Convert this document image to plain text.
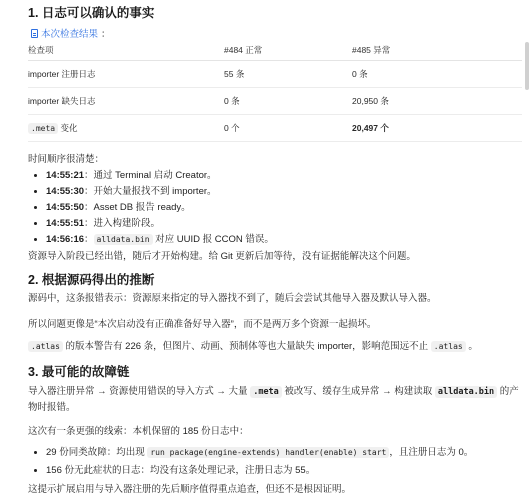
1. 日志可以确认的事实
本次检查结果 ：
检查项	#484 正常	#485 异常
importer 注册日志	55 条	0 条
importer 缺失日志	0 条	20,950 条
.meta 变化	0 个	20,497 个
时间顺序很清楚：
• 14:55:21：通过 Terminal 启动 Creator。
• 14:55:30：开始大量报找不到 importer。
• 14:55:50：Asset DB 报告 ready。
• 14:55:51：进入构建阶段。
• 14:56:16： alldata.bin 对应 UUID 报 CCON 错误。
资源导入阶段已经出错，随后才开始构建。给 Git 更新后加等待，没有证据能解决这个问题。
2. 根据源码得出的推断
源码中，这条报错表示：资源原来指定的导入器找不到了，随后会尝试其他导入器及默认导入器。
所以问题更像是“本次启动没有正确准备好导入器”，而不是两万多个资源一起损坏。
.atlas 的版本警告有 226 条，但图片、动画、预制体等也大量缺失 importer，影响范围远不止 .atlas 。
3. 最可能的故障链
导入器注册异常 → 资源使用错误的导入方式 → 大量 .meta 被改写、缓存生成异常 → 构建读取 alldata.bin 的产物时报错。
这次有一条更强的线索：本机保留的 185 份日志中：
• 29 份同类故障：均出现 run package(engine-extends) handler(enable) start ，且注册日志为 0。
• 156 份无此症状的日志：均没有这条处理记录，注册日志为 55。
这提示扩展启用与导入器注册的先后顺序值得重点追查，但还不是根因证明。
